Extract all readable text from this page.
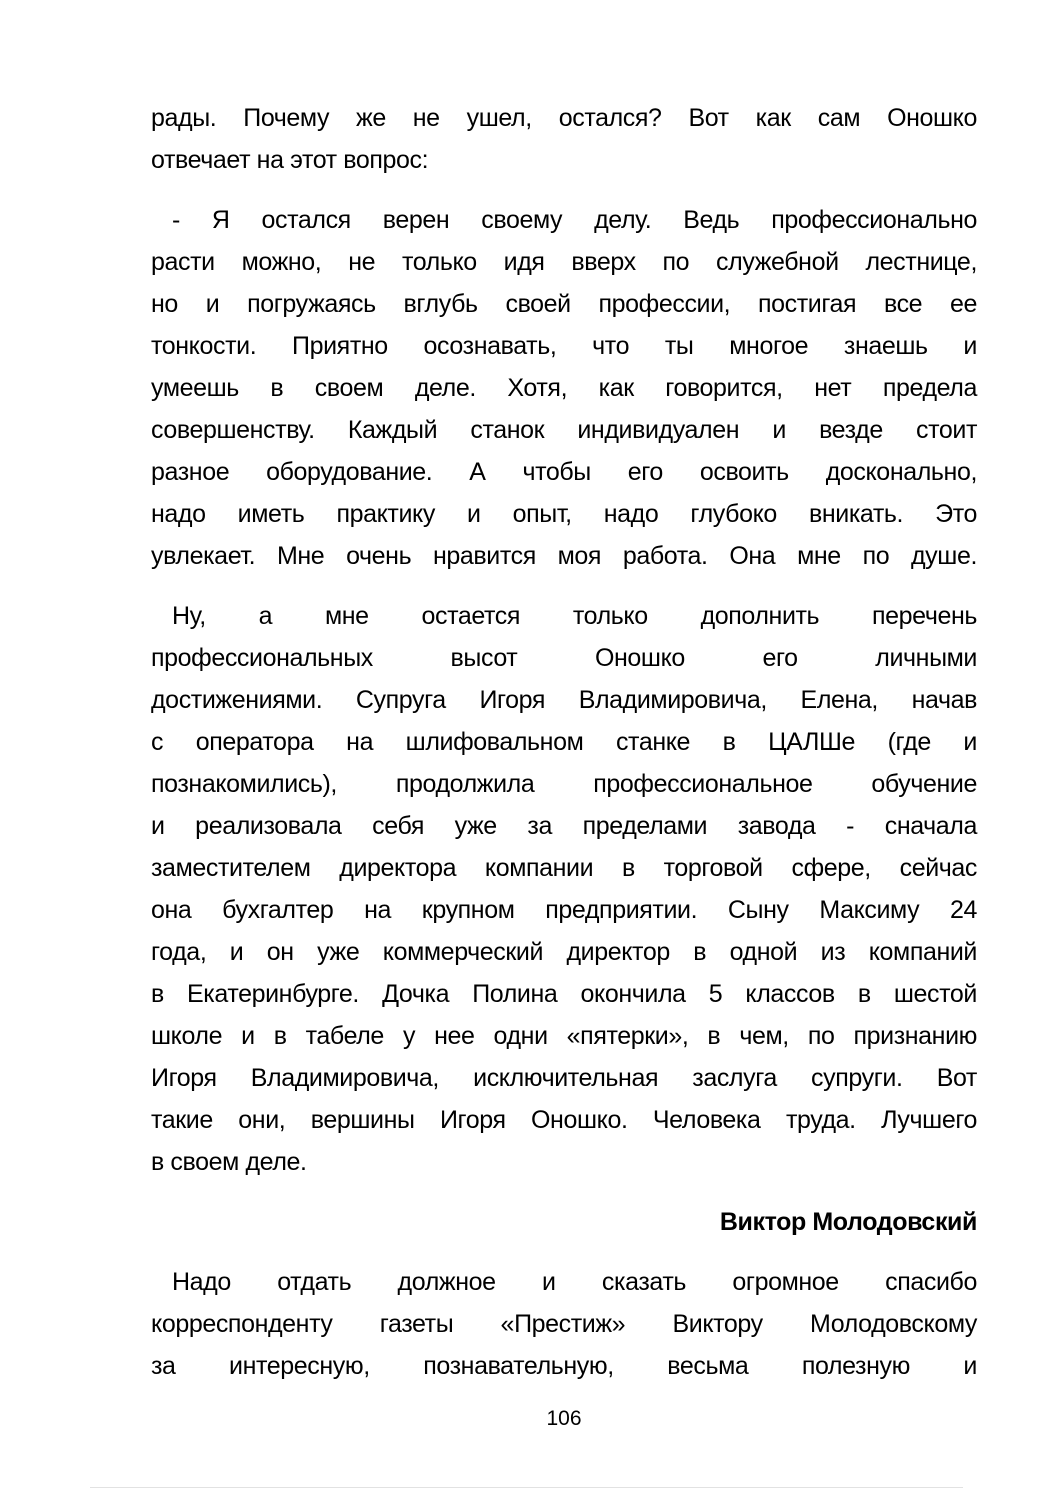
рады. Почему же не ушел, остался? Вот как сам Оношко
отвечает на этот вопрос:

- Я остался верен своему делу. Ведь профессионально
расти можно, не только идя вверх по служебной лестнице,
но и погружаясь вглубь своей профессии, постигая все ее
тонкости. Приятно осознавать, что ты многое знаешь и
умеешь в своем деле. Хотя, как говорится, нет предела
совершенству. Каждый станок индивидуален и везде стоит
разное оборудование. А чтобы его освоить досконально,
надо иметь практику и опыт, надо глубоко вникать. Это
увлекает. Мне очень нравится моя работа. Она мне по душе.

Ну, а мне остается только дополнить перечень
профессиональных высот Оношко его личными
достижениями. Супруга Игоря Владимировича, Елена, начав
с оператора на шлифовальном станке в ЦАЛШе (где и
познакомились), продолжила профессиональное обучение
и реализовала себя уже за пределами завода - сначала
заместителем директора компании в торговой сфере, сейчас
она бухгалтер на крупном предприятии. Сыну Максиму 24
года, и он уже коммерческий директор в одной из компаний
в Екатеринбурге. Дочка Полина окончила 5 классов в шестой
школе и в табеле у нее одни «пятерки», в чем, по признанию
Игоря Владимировича, исключительная заслуга супруги. Вот
такие они, вершины Игоря Оношко. Человека труда. Лучшего
в своем деле.

Виктор Молодовский

Надо отдать должное и сказать огромное спасибо
корреспонденту газеты «Престиж» Виктору Молодовскому
за интересную, познавательную, весьма полезную и

106
